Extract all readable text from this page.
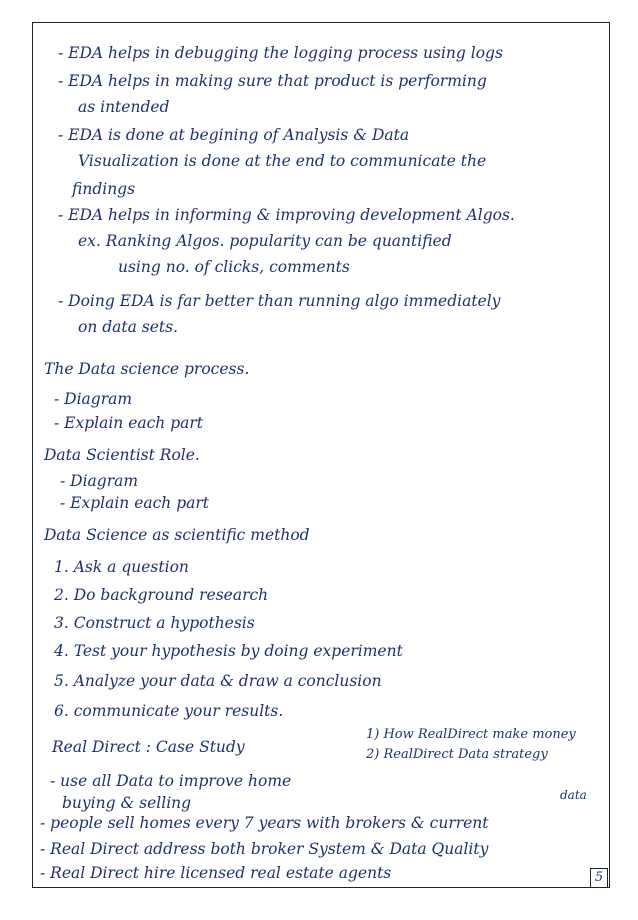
- EDA helps in debugging the logging process using logs
- EDA helps in making sure that product is performing
as intended
- EDA is done at begining of Analysis & Data
Visualization is done at the end to communicate the
findings
- EDA helps in informing & improving development Algos.
ex. Ranking Algos. popularity can be quantified
using no. of clicks, comments
- Doing EDA is far better than running algo immediately
on data sets.
The Data science process.
- Diagram
- Explain each part
Data Scientist Role.
- Diagram
- Explain each part
Data Science as scientific method
1. Ask a question
2. Do background research
3. Construct a hypothesis
4. Test your hypothesis by doing experiment
5. Analyze your data & draw a conclusion
6. communicate your results.
Real Direct : Case Study
1) How RealDirect make money
2) RealDirect Data strategy
- use all Data to improve home
buying & selling	data
- people sell homes every 7 years with brokers & current
- Real Direct address both broker System & Data Quality
- Real Direct hire licensed real estate agents	5
